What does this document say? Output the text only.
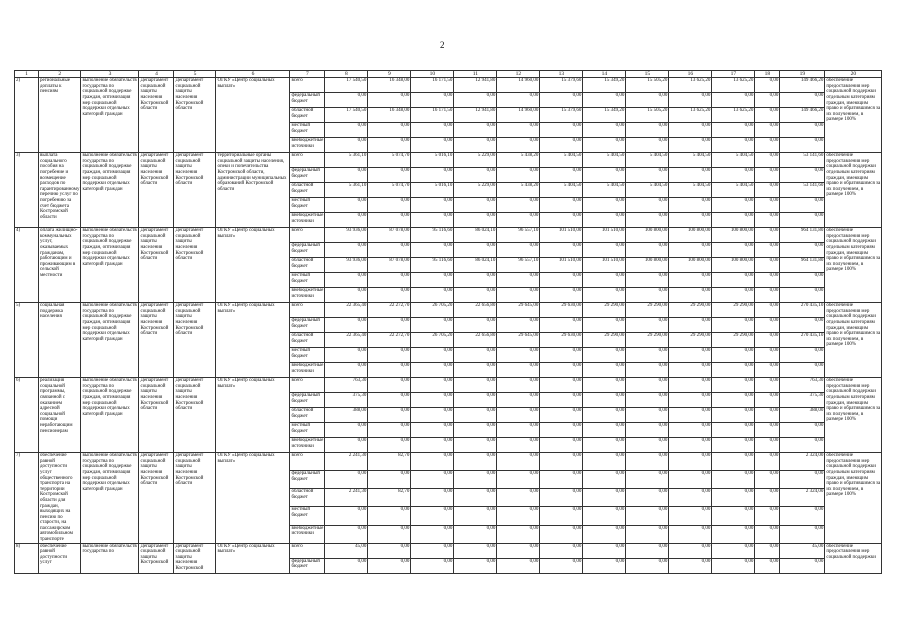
2
1	2	3	4	5	6	7	8	9	10	11	12	13	14	15	16	17	18	19	20
2)	региональные доплаты к пенсиям	выполнение обязательств государства по социальной поддержке граждан, оптимизация мер социальной поддержки отдельных категорий граждан	Департамент социальной защиты населения Костромской области	Департамент социальной защиты населения Костромской области	ОГКУ «Центр социальных выплат»	всего	17 540,50	16 348,00	16 171,50	12 941,80	14 960,00	15 379,60	15 349,20	15 505,20	13 625,20	13 625,20	0,00	149 466,20	обеспечение предоставления мер социальной поддержки отдельным категориям граждан, имеющим право и обратившимся за их получением, в размере 100%
						федеральный бюджет	0,00	0,00	0,00	0,00	0,00	0,00	0,00	0,00	0,00	0,00	0,00	0,00	
						областной бюджет	17 540,50	16 348,00	16 171,50	12 941,80	14 960,00	15 379,60	15 349,20	15 505,20	13 625,20	13 625,20	0,00	149 466,20	
						местный бюджет	0,00	0,00	0,00	0,00	0,00	0,00	0,00	0,00	0,00	0,00	0,00	0,00	
						внебюджетные источники	0,00	0,00	0,00	0,00	0,00	0,00	0,00	0,00	0,00	0,00	0,00	0,00	
3)	выплата социального пособия на погребение и возмещение расходов по гарантированному перечню услуг по погребению за счет бюджета Костромской области	выполнение обязательств государства по социальной поддержке граждан, оптимизация мер социальной поддержки отдельных категорий граждан	Департамент социальной защиты населения Костромской области	Департамент социальной защиты населения Костромской области	территориальные органы социальной защиты населения, опеки и попечительства Костромской области, администрации муниципальных образований Костромской области	всего	5 361,10	5 074,70	5 016,10	5 229,00	5 438,20	5 404,50	5 404,50	5 404,50	5 404,50	5 404,50	0,00	53 141,60	обеспечение предоставления мер социальной поддержки отдельным категориям граждан, имеющим право и обратившимся за их получением, в размере 100%
						федеральный бюджет	0,00	0,00	0,00	0,00	0,00	0,00	0,00	0,00	0,00	0,00	0,00	0,00	
						областной бюджет	5 361,10	5 074,70	5 016,10	5 229,00	5 438,20	5 404,50	5 404,50	5 404,50	5 404,50	5 404,50	0,00	53 141,60	
						местный бюджет	0,00	0,00	0,00	0,00	0,00	0,00	0,00	0,00	0,00	0,00	0,00	0,00	
						внебюджетные источники	0,00	0,00	0,00	0,00	0,00	0,00	0,00	0,00	0,00	0,00	0,00	0,00	
4)	оплата жилищно-коммунальных услуг, оказываемых гражданам, работающим и проживающим в сельской местности	выполнение обязательств государства по социальной поддержке граждан, оптимизация мер социальной поддержки отдельных категорий граждан	Департамент социальной защиты населения Костромской области	Департамент социальной защиты населения Костромской области	ОГКУ «Центр социальных выплат»	всего	93 936,00	87 078,00	95 116,60	86 024,10	96 557,10	101 510,00	101 510,00	100 800,00	100 800,00	100 800,00	0,00	964 131,80	обеспечение предоставления мер социальной поддержки отдельным категориям граждан, имеющим право и обратившимся за их получением, в размере 100%
						федеральный бюджет	0,00	0,00	0,00	0,00	0,00	0,00	0,00	0,00	0,00	0,00	0,00	0,00	
						областной бюджет	93 936,00	87 078,00	95 116,60	86 024,10	96 557,10	101 510,00	101 510,00	100 800,00	100 800,00	100 800,00	0,00	964 131,80	
						местный бюджет	0,00	0,00	0,00	0,00	0,00	0,00	0,00	0,00	0,00	0,00	0,00	0,00	
						внебюджетные источники	0,00	0,00	0,00	0,00	0,00	0,00	0,00	0,00	0,00	0,00	0,00	0,00	
5)	социальная поддержка населения	выполнение обязательств государства по социальной поддержке граждан, оптимизация мер социальной поддержки отдельных категорий граждан	Департамент социальной защиты населения Костромской области	Департамент социальной защиты населения Костромской области	ОГКУ «Центр социальных выплат»	всего	22 365,40	22 272,70	26 705,20	22 656,80	29 645,00	29 630,00	29 290,00	29 290,00	29 290,00	29 290,00	0,00	270 435,10	обеспечение предоставления мер социальной поддержки отдельным категориям граждан, имеющим право и обратившимся за их получением, в размере 100%
						федеральный бюджет	0,00	0,00	0,00	0,00	0,00	0,00	0,00	0,00	0,00	0,00	0,00	0,00	
						областной бюджет	22 365,40	22 272,70	26 705,20	22 656,80	29 645,00	29 630,00	29 290,00	29 290,00	29 290,00	29 290,00	0,00	270 435,10	
						местный бюджет	0,00	0,00	0,00	0,00	0,00	0,00	0,00	0,00	0,00	0,00	0,00	0,00	
						внебюджетные источники	0,00	0,00	0,00	0,00	0,00	0,00	0,00	0,00	0,00	0,00	0,00	0,00	
6)	реализация социальной программы, связанной с оказанием адресной социальной помощи неработающим пенсионерам	выполнение обязательств государства по социальной поддержке граждан, оптимизация мер социальной поддержки отдельных категорий граждан	Департамент социальной защиты населения Костромской области	Департамент социальной защиты населения Костромской области	ОГКУ «Центр социальных выплат»	всего	763,30	0,00	0,00	0,00	0,00	0,00	0,00	0,00	0,00	0,00	0,00	763,30	обеспечение предоставления мер социальной поддержки отдельным категориям граждан, имеющим право и обратившимся за их получением, в размере 100%
						федеральный бюджет	375,30	0,00	0,00	0,00	0,00	0,00	0,00	0,00	0,00	0,00	0,00	375,30	
						областной бюджет	388,00	0,00	0,00	0,00	0,00	0,00	0,00	0,00	0,00	0,00	0,00	388,00	
						местный бюджет	0,00	0,00	0,00	0,00	0,00	0,00	0,00	0,00	0,00	0,00	0,00	0,00	
						внебюджетные источники	0,00	0,00	0,00	0,00	0,00	0,00	0,00	0,00	0,00	0,00	0,00	0,00	
7)	обеспечение равной доступности услуг общественного транспорта на территории Костромской области для граждан, выходящих на пенсию по старости, на пассажирском автомобильном транспорте	выполнение обязательств государства по социальной поддержке граждан, оптимизация мер социальной поддержки отдельных категорий граждан	Департамент социальной защиты населения Костромской области	Департамент социальной защиты населения Костромской области	ОГКУ «Центр социальных выплат»	всего	2 241,30	82,70	0,00	0,00	0,00	0,00	0,00	0,00	0,00	0,00	0,00	2 324,00	обеспечение предоставления мер социальной поддержки отдельным категориям граждан, имеющим право и обратившимся за их получением, в размере 100%
						федеральный бюджет	0,00	0,00	0,00	0,00	0,00	0,00	0,00	0,00	0,00	0,00	0,00	0,00	
						областной бюджет	2 241,30	82,70	0,00	0,00	0,00	0,00	0,00	0,00	0,00	0,00	0,00	2 324,00	
						местный бюджет	0,00	0,00	0,00	0,00	0,00	0,00	0,00	0,00	0,00	0,00	0,00	0,00	
						внебюджетные источники	0,00	0,00	0,00	0,00	0,00	0,00	0,00	0,00	0,00	0,00	0,00	0,00	
8)	обеспечение равной доступности услуг	выполнение обязательств государства по	Департамент социальной защиты Костромской	Департамент социальной защиты населения Костромской	ОГКУ «Центр социальных выплат»	всего	45,00	0,00	0,00	0,00	0,00	0,00	0,00	0,00	0,00	0,00	0,00	45,00	обеспечение предоставления мер социальной поддержки
						федеральный бюджет	0,00	0,00	0,00	0,00	0,00	0,00	0,00	0,00	0,00	0,00	0,00	0,00	
